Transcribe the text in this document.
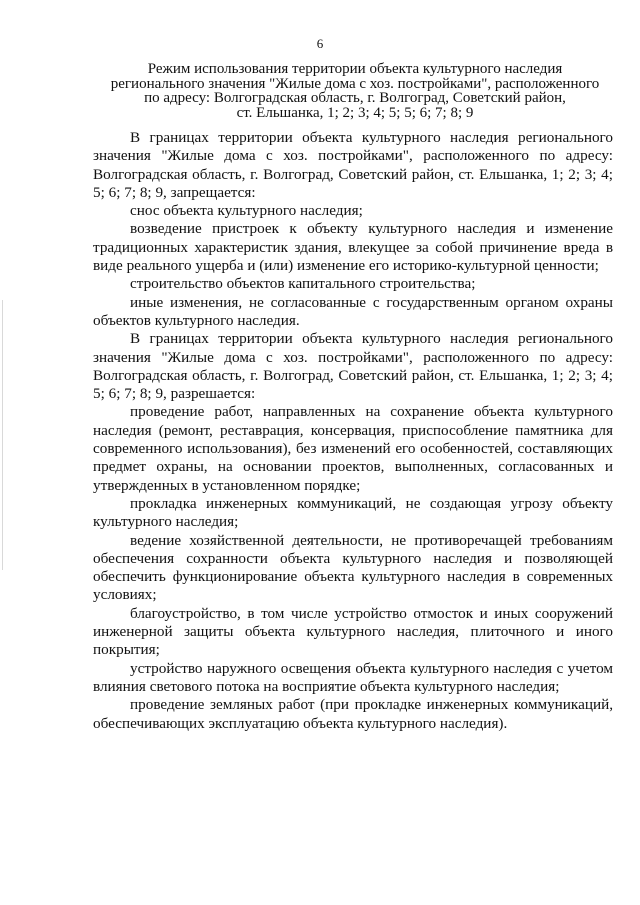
6
Режим использования территории объекта культурного наследия
регионального значения "Жилые дома с хоз. постройками", расположенного
по адресу: Волгоградская область, г. Волгоград, Советский район,
ст. Ельшанка, 1; 2; 3; 4; 5; 5; 6; 7; 8; 9

В границах территории объекта культурного наследия регионального значения "Жилые дома с хоз. постройками", расположенного по адресу: Волгоградская область, г. Волгоград, Советский район, ст. Ельшанка, 1; 2; 3; 4; 5; 6; 7; 8; 9, запрещается:

снос объекта культурного наследия;

возведение пристроек к объекту культурного наследия и изменение традиционных характеристик здания, влекущее за собой причинение вреда в виде реального ущерба и (или) изменение его историко-культурной ценности;

строительство объектов капитального строительства;

иные изменения, не согласованные с государственным органом охраны объектов культурного наследия.

В границах территории объекта культурного наследия регионального значения "Жилые дома с хоз. постройками", расположенного по адресу: Волгоградская область, г. Волгоград, Советский район, ст. Ельшанка, 1; 2; 3; 4; 5; 6; 7; 8; 9, разрешается:

проведение работ, направленных на сохранение объекта культурного наследия (ремонт, реставрация, консервация, приспособление памятника для современного использования), без изменений его особенностей, составляющих предмет охраны, на основании проектов, выполненных, согласованных и утвержденных в установленном порядке;

прокладка инженерных коммуникаций, не создающая угрозу объекту культурного наследия;

ведение хозяйственной деятельности, не противоречащей требованиям обеспечения сохранности объекта культурного наследия и позволяющей обеспечить функционирование объекта культурного наследия в современных условиях;

благоустройство, в том числе устройство отмосток и иных сооружений инженерной защиты объекта культурного наследия, плиточного и иного покрытия;

устройство наружного освещения объекта культурного наследия с учетом влияния светового потока на восприятие объекта культурного наследия;

проведение земляных работ (при прокладке инженерных коммуникаций, обеспечивающих эксплуатацию объекта культурного наследия).
